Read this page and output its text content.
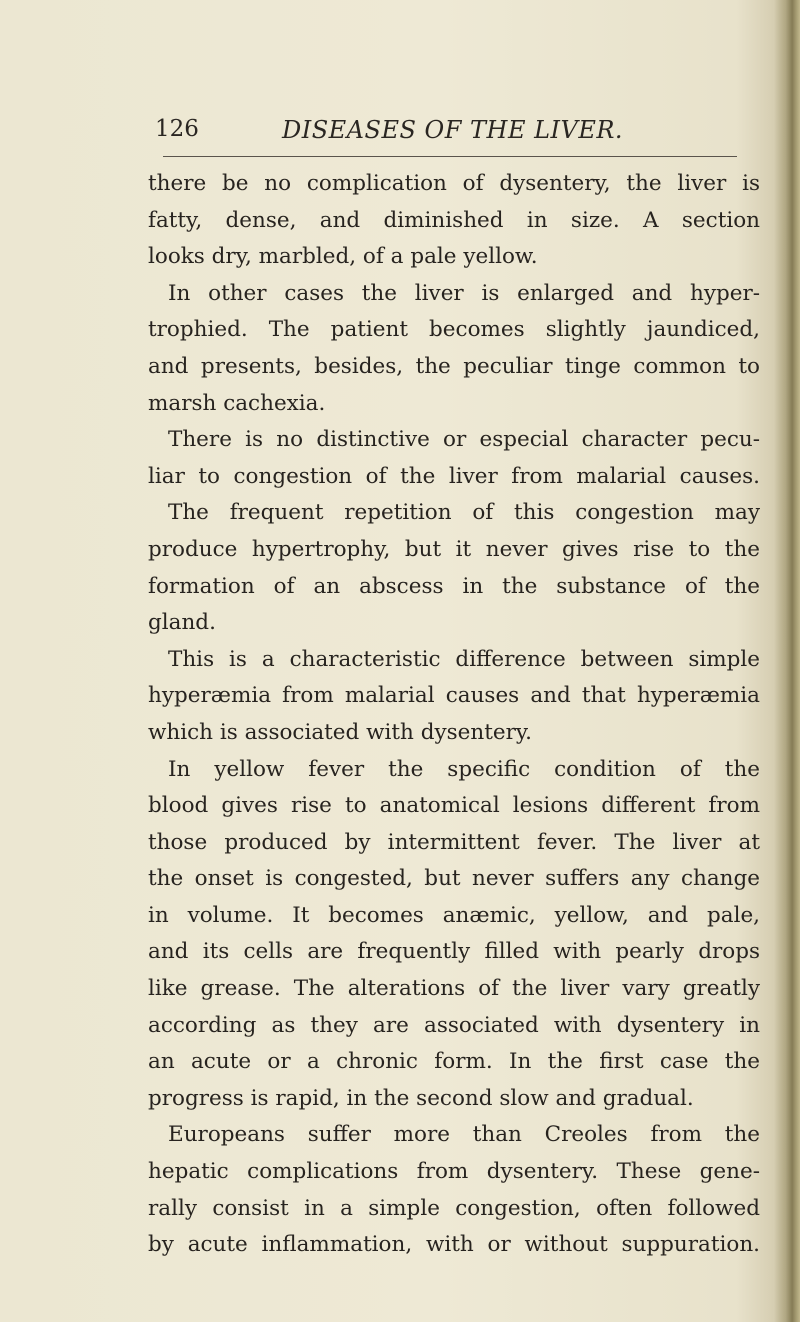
126	DISEASES OF THE LIVER.
there be no complication of dysentery, the liver is
fatty, dense, and diminished in size. A section
looks dry, marbled, of a pale yellow.
In other cases the liver is enlarged and hyper-
trophied. The patient becomes slightly jaundiced,
and presents, besides, the peculiar tinge common to
marsh cachexia.
There is no distinctive or especial character pecu-
liar to congestion of the liver from malarial causes.
The frequent repetition of this congestion may
produce hypertrophy, but it never gives rise to the
formation of an abscess in the substance of the
gland.
This is a characteristic difference between simple
hyperæmia from malarial causes and that hyperæmia
which is associated with dysentery.
In yellow fever the specific condition of the
blood gives rise to anatomical lesions different from
those produced by intermittent fever. The liver at
the onset is congested, but never suffers any change
in volume. It becomes anæmic, yellow, and pale,
and its cells are frequently filled with pearly drops
like grease. The alterations of the liver vary greatly
according as they are associated with dysentery in
an acute or a chronic form. In the first case the
progress is rapid, in the second slow and gradual.
Europeans suffer more than Creoles from the
hepatic complications from dysentery. These gene-
rally consist in a simple congestion, often followed
by acute inflammation, with or without suppuration.
